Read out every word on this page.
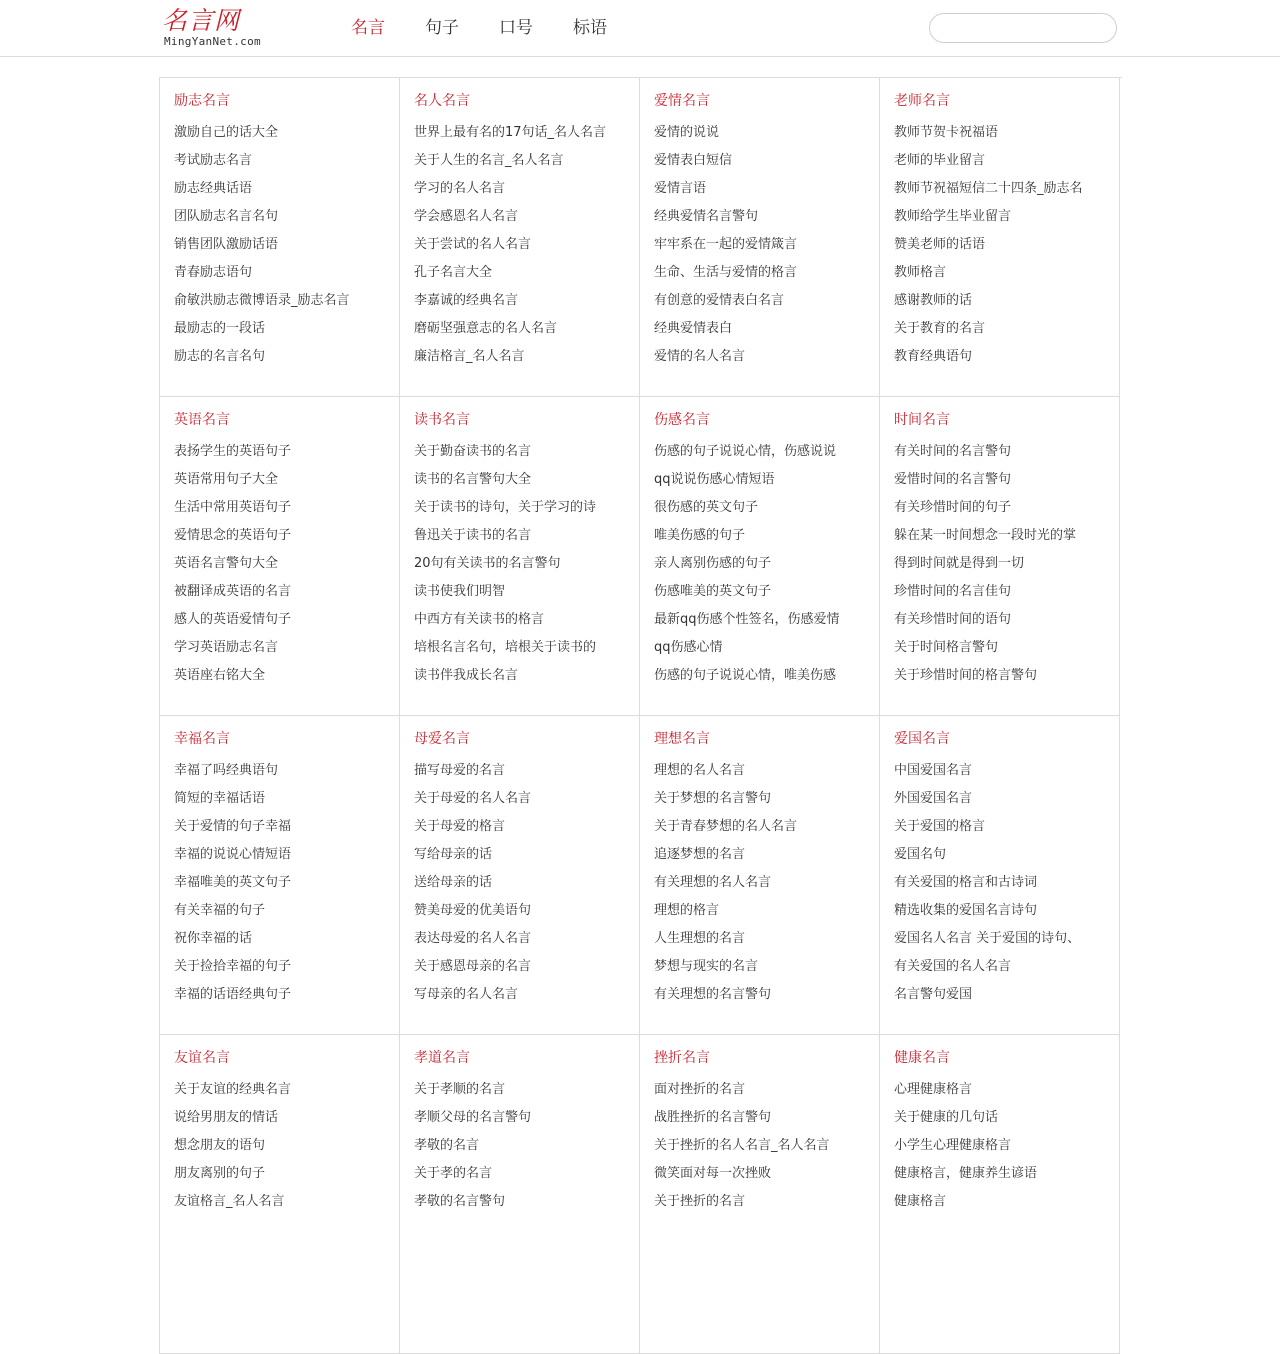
名言网
MingYanNet.com
名言	句子	口号	标语
励志名言
激励自己的话大全
考试励志名言
励志经典话语
团队励志名言名句
销售团队激励话语
青春励志语句
俞敏洪励志微博语录_励志名言
最励志的一段话
励志的名言名句
名人名言
世界上最有名的17句话_名人名言
关于人生的名言_名人名言
学习的名人名言
学会感恩名人名言
关于尝试的名人名言
孔子名言大全
李嘉诚的经典名言
磨砺坚强意志的名人名言
廉洁格言_名人名言
爱情名言
爱情的说说
爱情表白短信
爱情言语
经典爱情名言警句
牢牢系在一起的爱情箴言
生命、生活与爱情的格言
有创意的爱情表白名言
经典爱情表白
爱情的名人名言
老师名言
教师节贺卡祝福语
老师的毕业留言
教师节祝福短信二十四条_励志名
教师给学生毕业留言
赞美老师的话语
教师格言
感谢教师的话
关于教育的名言
教育经典语句
英语名言
表扬学生的英语句子
英语常用句子大全
生活中常用英语句子
爱情思念的英语句子
英语名言警句大全
被翻译成英语的名言
感人的英语爱情句子
学习英语励志名言
英语座右铭大全
读书名言
关于勤奋读书的名言
读书的名言警句大全
关于读书的诗句，关于学习的诗
鲁迅关于读书的名言
20句有关读书的名言警句
读书使我们明智
中西方有关读书的格言
培根名言名句，培根关于读书的
读书伴我成长名言
伤感名言
伤感的句子说说心情，伤感说说
qq说说伤感心情短语
很伤感的英文句子
唯美伤感的句子
亲人离别伤感的句子
伤感唯美的英文句子
最新qq伤感个性签名，伤感爱情
qq伤感心情
伤感的句子说说心情，唯美伤感
时间名言
有关时间的名言警句
爱惜时间的名言警句
有关珍惜时间的句子
躲在某一时间想念一段时光的掌
得到时间就是得到一切
珍惜时间的名言佳句
有关珍惜时间的语句
关于时间格言警句
关于珍惜时间的格言警句
幸福名言
幸福了吗经典语句
简短的幸福话语
关于爱情的句子幸福
幸福的说说心情短语
幸福唯美的英文句子
有关幸福的句子
祝你幸福的话
关于捡拾幸福的句子
幸福的话语经典句子
母爱名言
描写母爱的名言
关于母爱的名人名言
关于母爱的格言
写给母亲的话
送给母亲的话
赞美母爱的优美语句
表达母爱的名人名言
关于感恩母亲的名言
写母亲的名人名言
理想名言
理想的名人名言
关于梦想的名言警句
关于青春梦想的名人名言
追逐梦想的名言
有关理想的名人名言
理想的格言
人生理想的名言
梦想与现实的名言
有关理想的名言警句
爱国名言
中国爱国名言
外国爱国名言
关于爱国的格言
爱国名句
有关爱国的格言和古诗词
精选收集的爱国名言诗句
爱国名人名言 关于爱国的诗句、
有关爱国的名人名言
名言警句爱国
友谊名言
关于友谊的经典名言
说给男朋友的情话
想念朋友的语句
朋友离别的句子
友谊格言_名人名言
孝道名言
关于孝顺的名言
孝顺父母的名言警句
孝敬的名言
关于孝的名言
孝敬的名言警句
挫折名言
面对挫折的名言
战胜挫折的名言警句
关于挫折的名人名言_名人名言
微笑面对每一次挫败
关于挫折的名言
健康名言
心理健康格言
关于健康的几句话
小学生心理健康格言
健康格言，健康养生谚语
健康格言
